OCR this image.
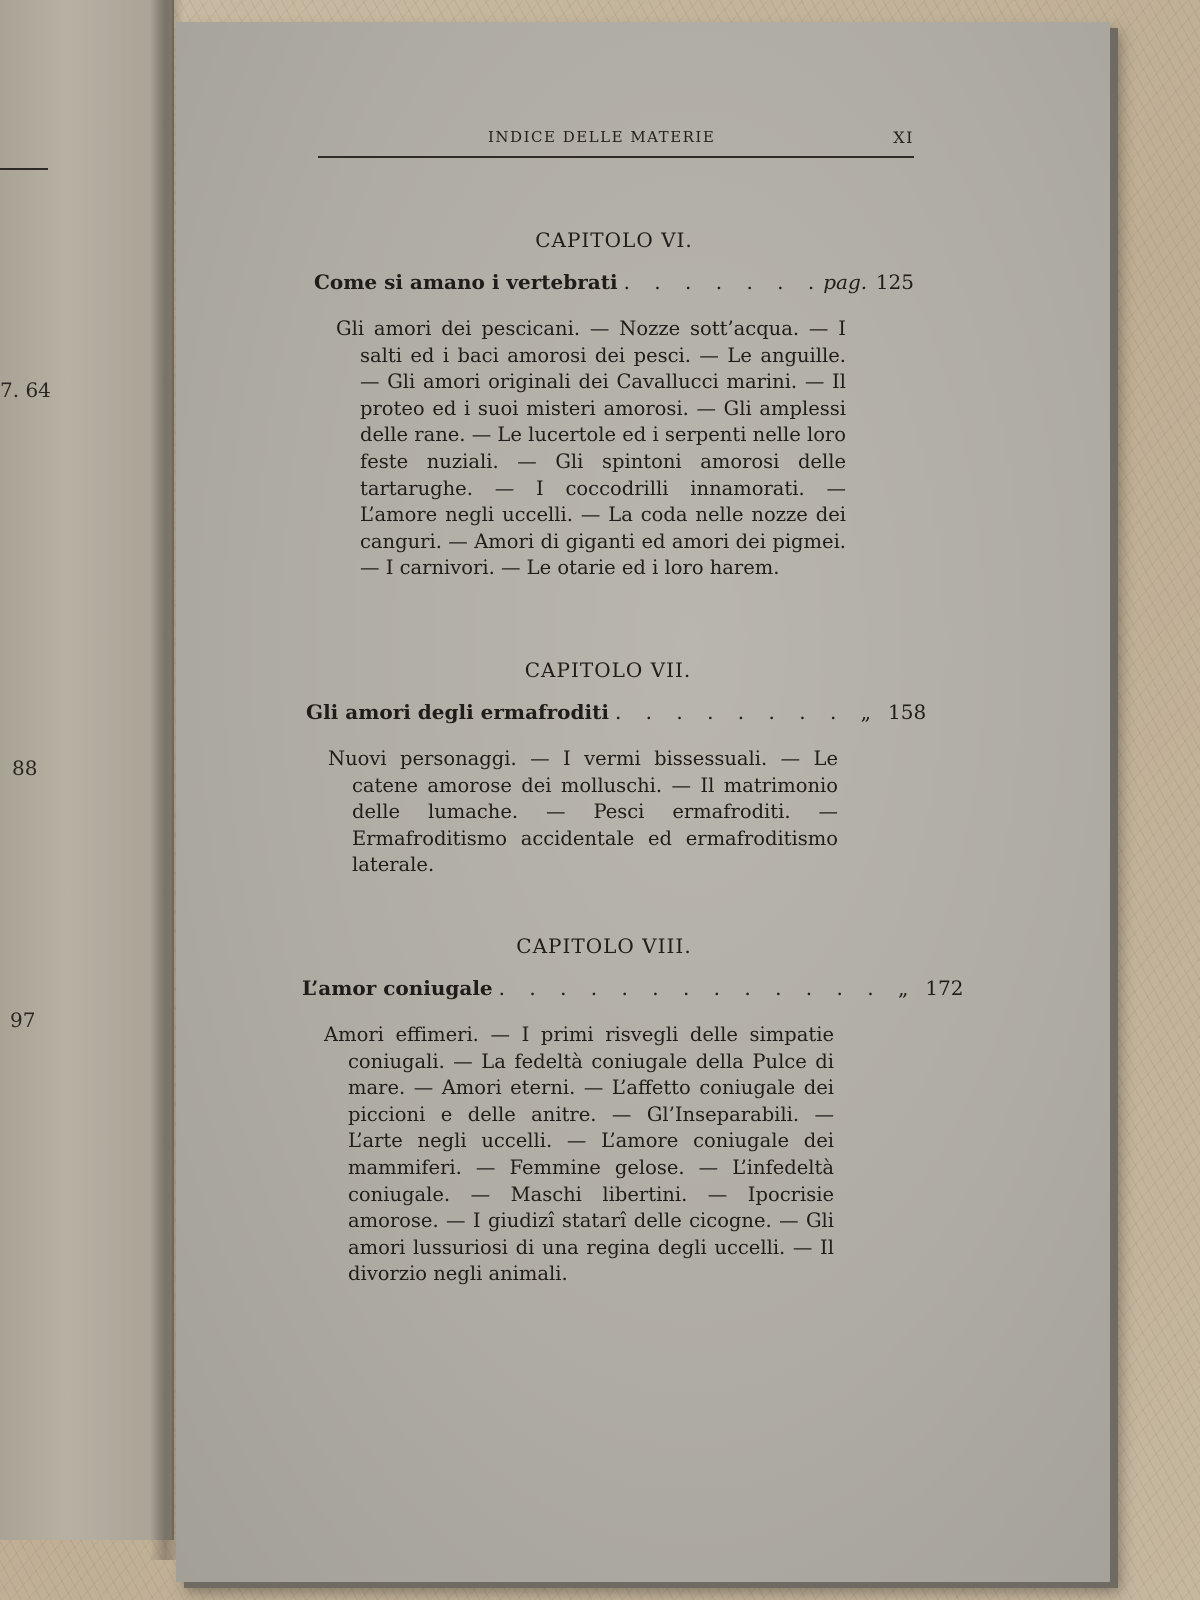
7. 64
88
97
INDICE DELLE MATERIE	XI
CAPITOLO VI.
Come si amano i vertebrati . . . . . . . pag. 125
Gli amori dei pescicani. — Nozze sott’acqua. — I salti ed i baci amorosi dei pesci. — Le anguille. — Gli amori originali dei Cavallucci marini. — Il proteo ed i suoi misteri amorosi. — Gli amplessi delle rane. — Le lucertole ed i serpenti nelle loro feste nuziali. — Gli spintoni amorosi delle tartarughe. — I coccodrilli innamorati. — L’amore negli uccelli. — La coda nelle nozze dei canguri. — Amori di giganti ed amori dei pigmei. — I carnivori. — Le otarie ed i loro harem.
CAPITOLO VII.
Gli amori degli ermafroditi . . . . . . . . „ 158
Nuovi personaggi. — I vermi bissessuali. — Le catene amorose dei molluschi. — Il matrimonio delle lumache. — Pesci ermafroditi. — Ermafroditismo accidentale ed ermafroditismo laterale.
CAPITOLO VIII.
L’amor coniugale . . . . . . . . . . . . . „ 172
Amori effimeri. — I primi risvegli delle simpatie coniugali. — La fedeltà coniugale della Pulce di mare. — Amori eterni. — L’affetto coniugale dei piccioni e delle anitre. — Gl’Inseparabili. — L’arte negli uccelli. — L’amore coniugale dei mammiferi. — Femmine gelose. — L’infedeltà coniugale. — Maschi libertini. — Ipocrisie amorose. — I giudizî statarî delle cicogne. — Gli amori lussuriosi di una regina degli uccelli. — Il divorzio negli animali.
